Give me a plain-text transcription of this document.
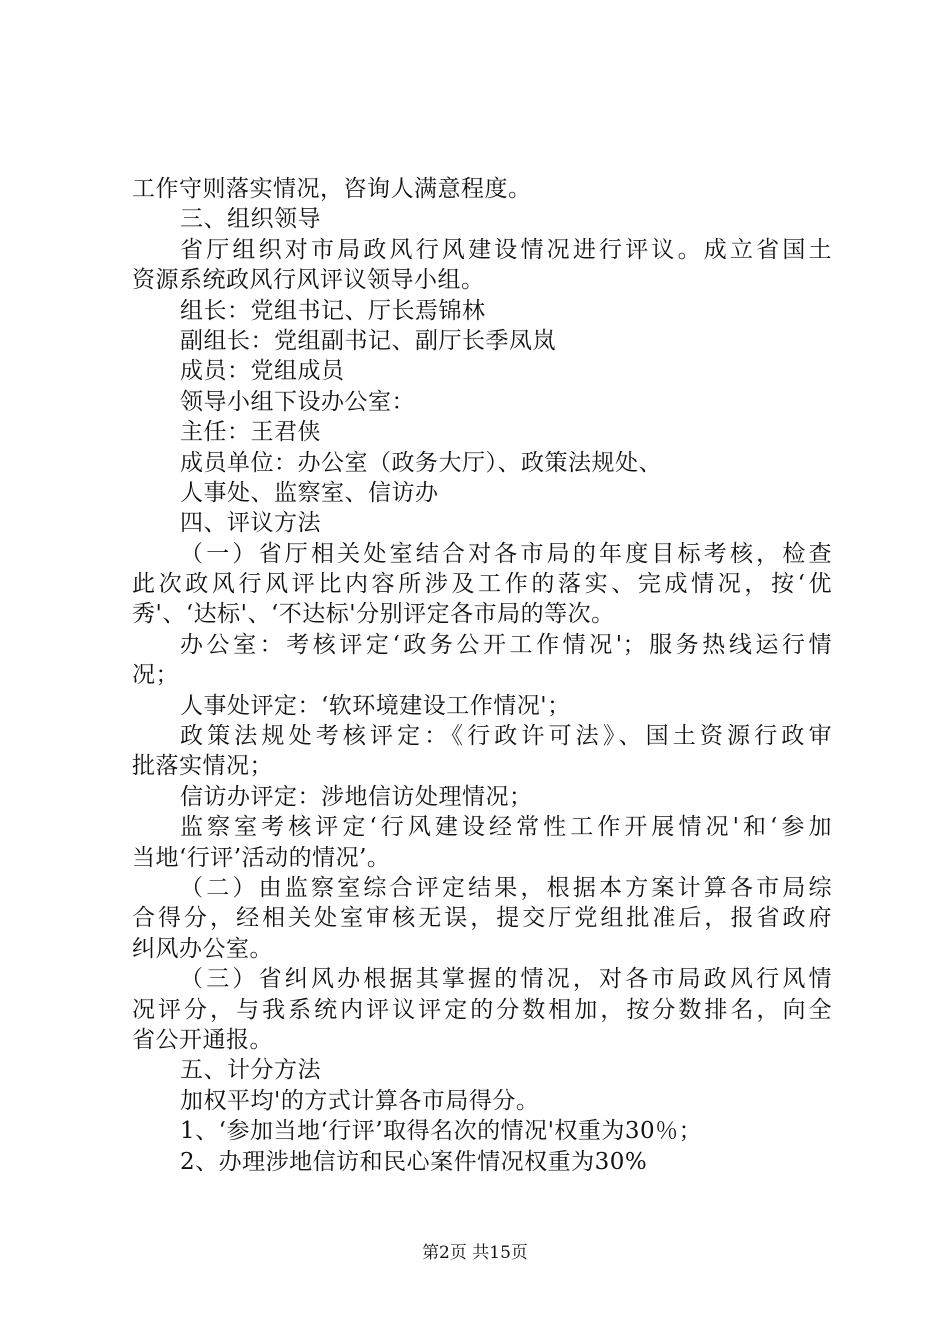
工作守则落实情况，咨询人满意程度。
三、组织领导
省厅组织对市局政风行风建设情况进行评议。成立省国土
资源系统政风行风评议领导小组。
组长：党组书记、厅长焉锦林
副组长：党组副书记、副厅长季凤岚
成员：党组成员
领导小组下设办公室：
主任：王君侠
成员单位：办公室（政务大厅）、政策法规处、
人事处、监察室、信访办
四、评议方法
（一）省厅相关处室结合对各市局的年度目标考核，检查
此次政风行风评比内容所涉及工作的落实、完成情况，按‘优
秀'、‘达标'、‘不达标'分别评定各市局的等次。
办公室：考核评定‘政务公开工作情况'；服务热线运行情
况；
人事处评定：‘软环境建设工作情况'；
政策法规处考核评定：《行政许可法》、国土资源行政审
批落实情况；
信访办评定：涉地信访处理情况；
监察室考核评定‘行风建设经常性工作开展情况'和‘参加
当地‘行评’活动的情况’。
（二）由监察室综合评定结果，根据本方案计算各市局综
合得分，经相关处室审核无误，提交厅党组批准后，报省政府
纠风办公室。
（三）省纠风办根据其掌握的情况，对各市局政风行风情
况评分，与我系统内评议评定的分数相加，按分数排名，向全
省公开通报。
五、计分方法
加权平均'的方式计算各市局得分。
1、‘参加当地‘行评’取得名次的情况'权重为30％；
2、办理涉地信访和民心案件情况权重为30%
第2页 共15页
